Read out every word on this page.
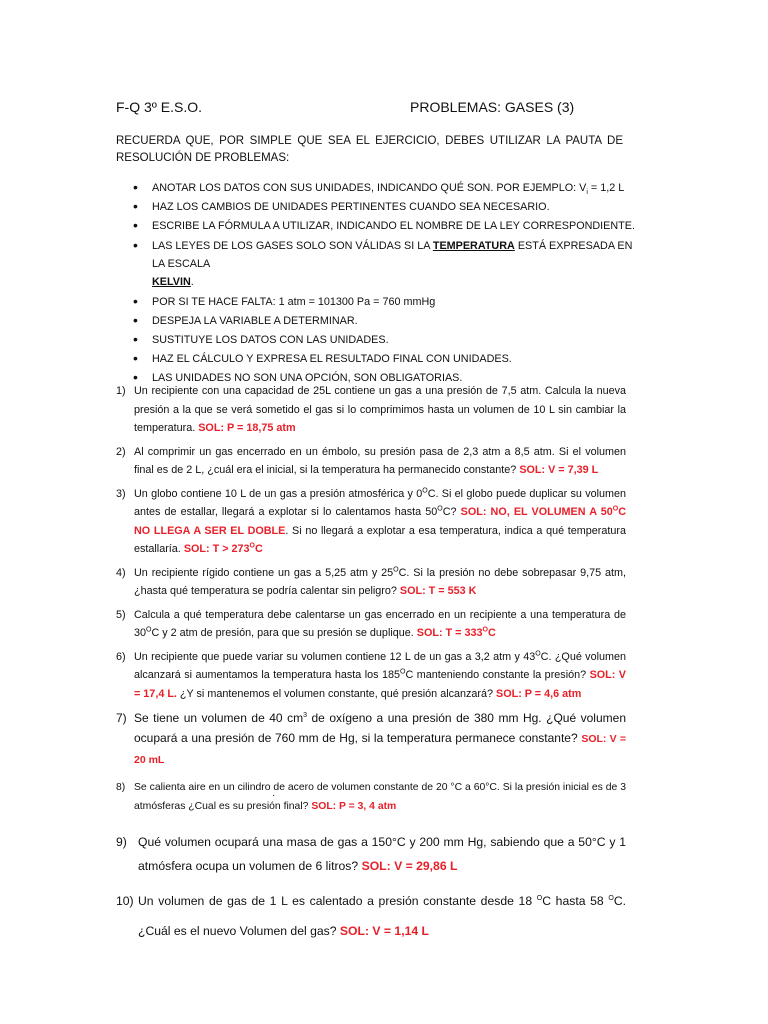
F-Q 3º E.S.O.	PROBLEMAS: GASES (3)
RECUERDA QUE, POR SIMPLE QUE SEA EL EJERCICIO, DEBES UTILIZAR LA PAUTA DE RESOLUCIÓN DE PROBLEMAS:
• ANOTAR LOS DATOS CON SUS UNIDADES, INDICANDO QUÉ SON. POR EJEMPLO: $V_i = 1,2$ L
• HAZ LOS CAMBIOS DE UNIDADES PERTINENTES CUANDO SEA NECESARIO.
• ESCRIBE LA FÓRMULA A UTILIZAR, INDICANDO EL NOMBRE DE LA LEY CORRESPONDIENTE.
• LAS LEYES DE LOS GASES SOLO SON VÁLIDAS SI LA TEMPERATURA ESTÁ EXPRESADA EN LA ESCALA
KELVIN.
• POR SI TE HACE FALTA: 1 atm = 101300 Pa = 760 mmHg
• DESPEJA LA VARIABLE A DETERMINAR.
• SUSTITUYE LOS DATOS CON LAS UNIDADES.
• HAZ EL CÁLCULO Y EXPRESA EL RESULTADO FINAL CON UNIDADES.
• LAS UNIDADES NO SON UNA OPCIÓN, SON OBLIGATORIAS.
1) Un recipiente con una capacidad de 25L contiene un gas a una presión de 7,5 atm. Calcula la nueva presión a la que se verá sometido el gas si lo comprimimos hasta un volumen de 10 L sin cambiar la temperatura. SOL: P = 18,75 atm
2) Al comprimir un gas encerrado en un émbolo, su presión pasa de 2,3 atm a 8,5 atm. Si el volumen final es de 2 L, ¿cuál era el inicial, si la temperatura ha permanecido constante? SOL: V = 7,39 L
3) Un globo contiene 10 L de un gas a presión atmosférica y $0^OC$. Si el globo puede duplicar su volumen antes de estallar, llegará a explotar si lo calentamos hasta $50^OC$? SOL: NO, EL VOLUMEN A $50^OC$ NO LLEGA A SER EL DOBLE. Si no llegará a explotar a esa temperatura, indica a qué temperatura estallaría. SOL: $T > 273^OC$
4) Un recipiente rígido contiene un gas a 5,25 atm y $25^OC$. Si la presión no debe sobrepasar 9,75 atm, ¿hasta qué temperatura se podría calentar sin peligro? SOL: T = 553 K
5) Calcula a qué temperatura debe calentarse un gas encerrado en un recipiente a una temperatura de $30^OC$ y 2 atm de presión, para que su presión se duplique. SOL: $T = 333^OC$
6) Un recipiente que puede variar su volumen contiene 12 L de un gas a 3,2 atm y $43^OC$. ¿Qué volumen alcanzará si aumentamos la temperatura hasta los $185^OC$ manteniendo constante la presión? SOL: V = 17,4 L. ¿Y si mantenemos el volumen constante, qué presión alcanzará? SOL: P = 4,6 atm
7) Se tiene un volumen de 40 $cm^3$ de oxígeno a una presión de 380 mm Hg. ¿Qué volumen ocupará a una presión de 760 mm de Hg, si la temperatura permanece constante? SOL: V = 20 mL
8) Se calienta aire en un cilindro de acero de volumen constante de 20 °C a 60°C. Si la presión inicial es de 3 atmósferas ¿Cual es su presión final? SOL: P = 3, 4 atm
9) Qué volumen ocupará una masa de gas a 150°C y 200 mm Hg, sabiendo que a 50°C y 1 atmósfera ocupa un volumen de 6 litros? SOL: V = 29,86 L
10) Un volumen de gas de 1 L es calentado a presión constante desde 18 $^O$C hasta 58 $^O$C. ¿Cuál es el nuevo Volumen del gas? SOL: V = 1,14 L
·
